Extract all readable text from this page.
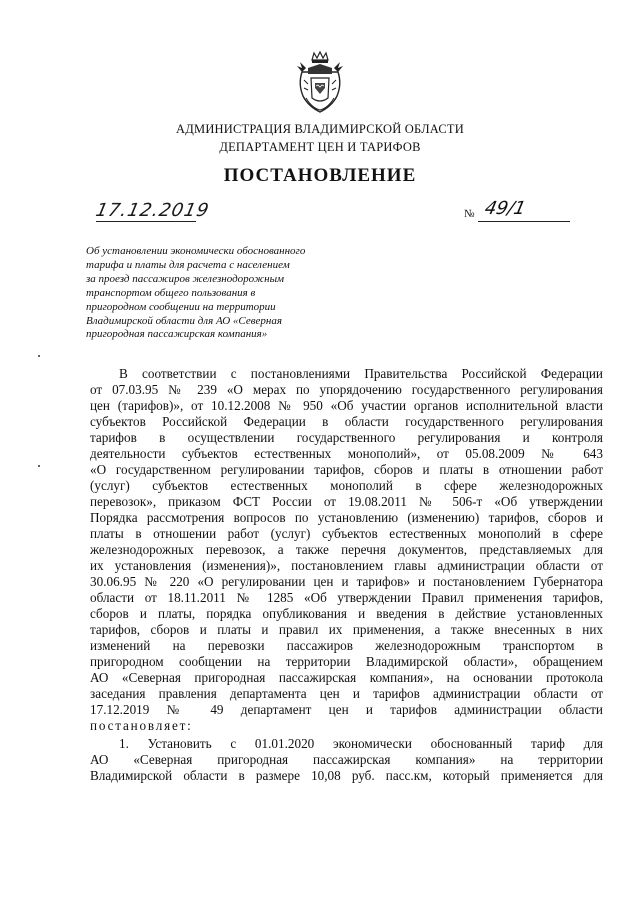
АДМИНИСТРАЦИЯ ВЛАДИМИРСКОЙ ОБЛАСТИ
ДЕПАРТАМЕНТ ЦЕН И ТАРИФОВ
ПОСТАНОВЛЕНИЕ
17.12.2019	№ 49/1
Об установлении экономически обоснованного
тарифа и платы для расчета с населением
за проезд пассажиров железнодорожным
транспортом общего пользования в
пригородном сообщении на территории
Владимирской области для АО «Северная
пригородная пассажирская компания»
В соответствии с постановлениями Правительства Российской Федерации
от 07.03.95 № 239 «О мерах по упорядочению государственного регулирования
цен (тарифов)», от 10.12.2008 № 950 «Об участии органов исполнительной власти
субъектов Российской Федерации в области государственного регулирования
тарифов в осуществлении государственного регулирования и контроля
деятельности субъектов естественных монополий», от 05.08.2009 № 643
«О государственном регулировании тарифов, сборов и платы в отношении работ
(услуг) субъектов естественных монополий в сфере железнодорожных
перевозок», приказом ФСТ России от 19.08.2011 № 506-т «Об утверждении
Порядка рассмотрения вопросов по установлению (изменению) тарифов, сборов и
платы в отношении работ (услуг) субъектов естественных монополий в сфере
железнодорожных перевозок, а также перечня документов, представляемых для
их установления (изменения)», постановлением главы администрации области от
30.06.95 № 220 «О регулировании цен и тарифов» и постановлением Губернатора
области от 18.11.2011 № 1285 «Об утверждении Правил применения тарифов,
сборов и платы, порядка опубликования и введения в действие установленных
тарифов, сборов и платы и правил их применения, а также внесенных в них
изменений на перевозки пассажиров железнодорожным транспортом в
пригородном сообщении на территории Владимирской области», обращением
АО «Северная пригородная пассажирская компания», на основании протокола
заседания правления департамента цен и тарифов администрации области от
17.12.2019 № 49 департамент цен и тарифов администрации области
постановляет:
1. Установить с 01.01.2020 экономически обоснованный тариф для
АО «Северная пригородная пассажирская компания» на территории
Владимирской области в размере 10,08 руб. пасс.км, который применяется для
